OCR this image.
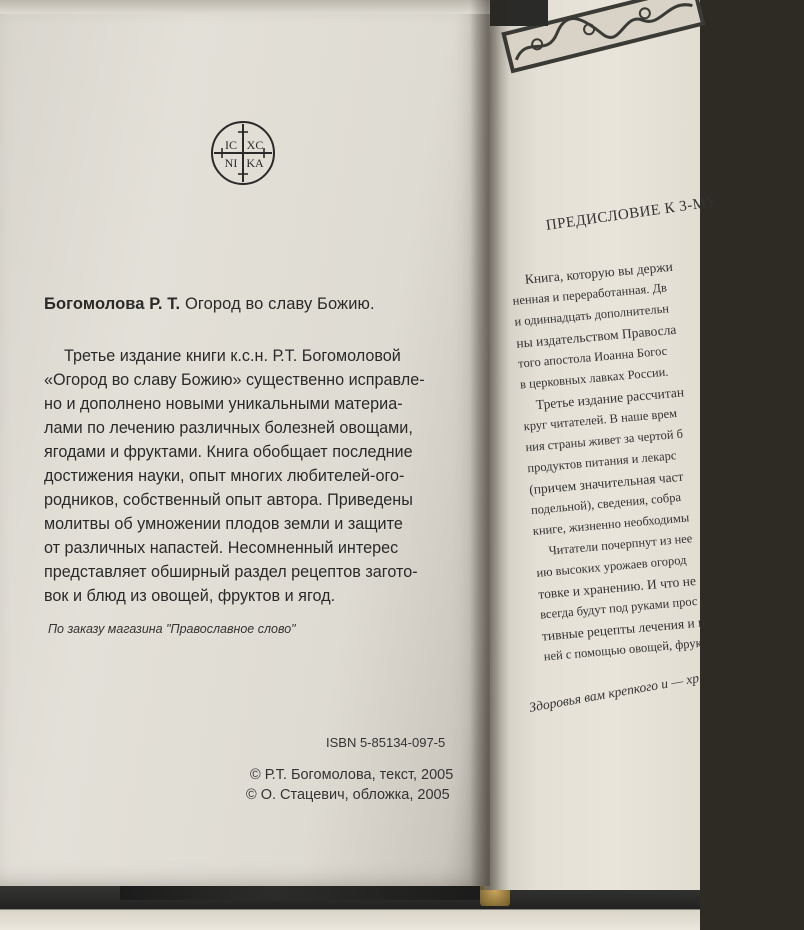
ПРЕДИСЛОВИЕ К 3-МУ
Книга, которую вы держи
ненная и переработанная. Дв
и одиннадцать дополнительн
ны издательством Правосла
того апостола Иоанна Богос
в церковных лавках России.
Третье издание рассчитан
круг читателей. В наше врем
ния страны живет за чертой б
продуктов питания и лекарс
(причем значительная част
подельной), сведения, собра
книге, жизненно необходимы
Читатели почерпнут из нее
ию высоких урожаев огород
товке и хранению. И что не
всегда будут под руками прос
тивные рецепты лечения и п
ней с помощью овощей, фрук
Здоровья вам крепкого и — хр
IC XC
NI KA
Богомолова Р. Т. Огород во славу Божию.
Третье издание книги к.с.н. Р.Т. Богомоловой
«Огород во славу Божию» существенно исправле-
но и дополнено новыми уникальными материа-
лами по лечению различных болезней овощами,
ягодами и фруктами. Книга обобщает последние
достижения науки, опыт многих любителей-ого-
родников, собственный опыт автора. Приведены
молитвы об умножении плодов земли и защите
от различных напастей. Несомненный интерес
представляет обширный раздел рецептов загото-
вок и блюд из овощей, фруктов и ягод.
По заказу магазина "Православное слово"
ISBN 5-85134-097-5
© Р.Т. Богомолова, текст, 2005
© О. Стацевич, обложка, 2005
